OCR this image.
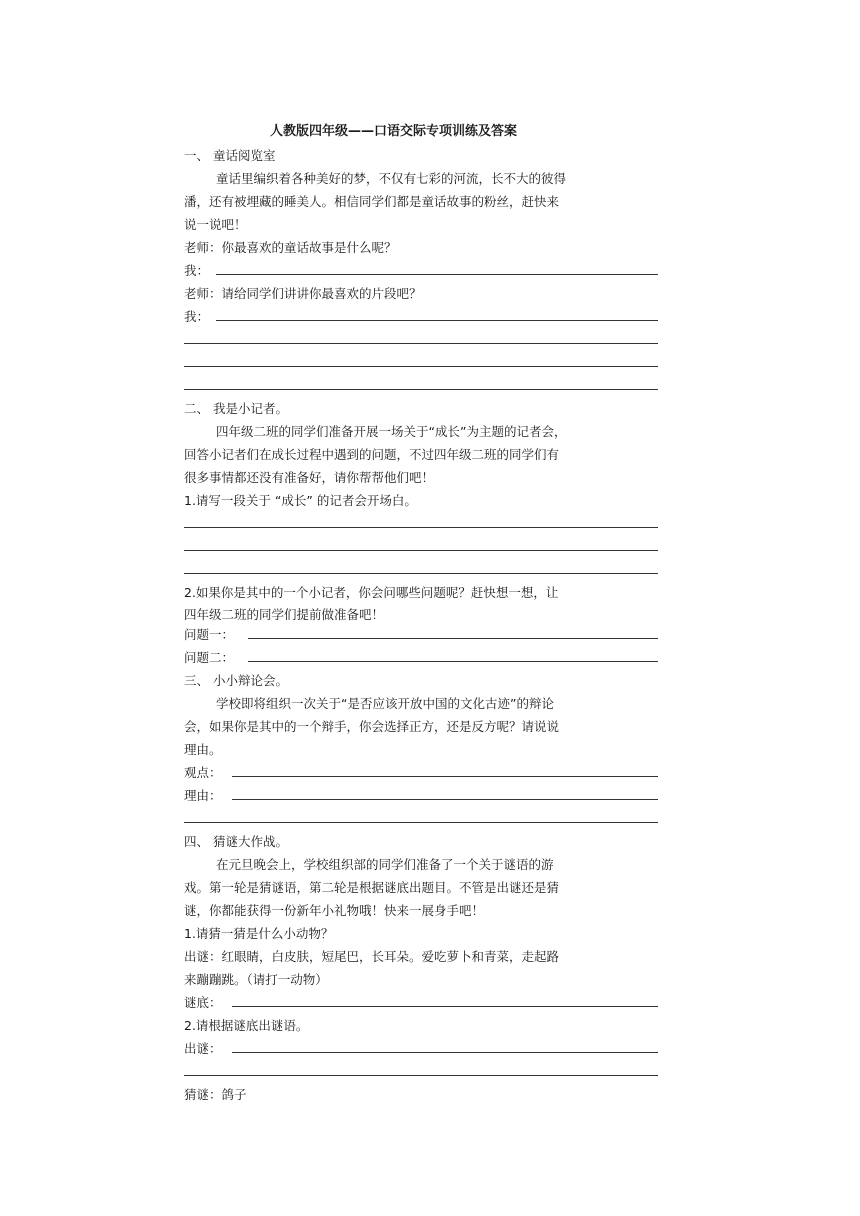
人教版四年级——口语交际专项训练及答案
一、 童话阅览室
童话里编织着各种美好的梦，不仅有七彩的河流，长不大的彼得
潘，还有被埋藏的睡美人。相信同学们都是童话故事的粉丝，赶快来
说一说吧！
老师：你最喜欢的童话故事是什么呢？
我：
老师：请给同学们讲讲你最喜欢的片段吧？
我：
二、 我是小记者。
四年级二班的同学们准备开展一场关于“成长”为主题的记者会，
回答小记者们在成长过程中遇到的问题，不过四年级二班的同学们有
很多事情都还没有准备好，请你帮帮他们吧！
1.请写一段关于 “成长” 的记者会开场白。
2.如果你是其中的一个小记者，你会问哪些问题呢？赶快想一想，让
四年级二班的同学们提前做准备吧！
问题一：
问题二：
三、 小小辩论会。
学校即将组织一次关于“是否应该开放中国的文化古迹”的辩论
会，如果你是其中的一个辩手，你会选择正方，还是反方呢？请说说
理由。
观点：
理由：
四、 猜谜大作战。
在元旦晚会上，学校组织部的同学们准备了一个关于谜语的游
戏。第一轮是猜谜语，第二轮是根据谜底出题目。不管是出谜还是猜
谜，你都能获得一份新年小礼物哦！快来一展身手吧！
1.请猜一猜是什么小动物？
出谜：红眼睛，白皮肤，短尾巴，长耳朵。爱吃萝卜和青菜，走起路
来蹦蹦跳。（请打一动物）
谜底：
2.请根据谜底出谜语。
出谜：
猜谜：鸽子
